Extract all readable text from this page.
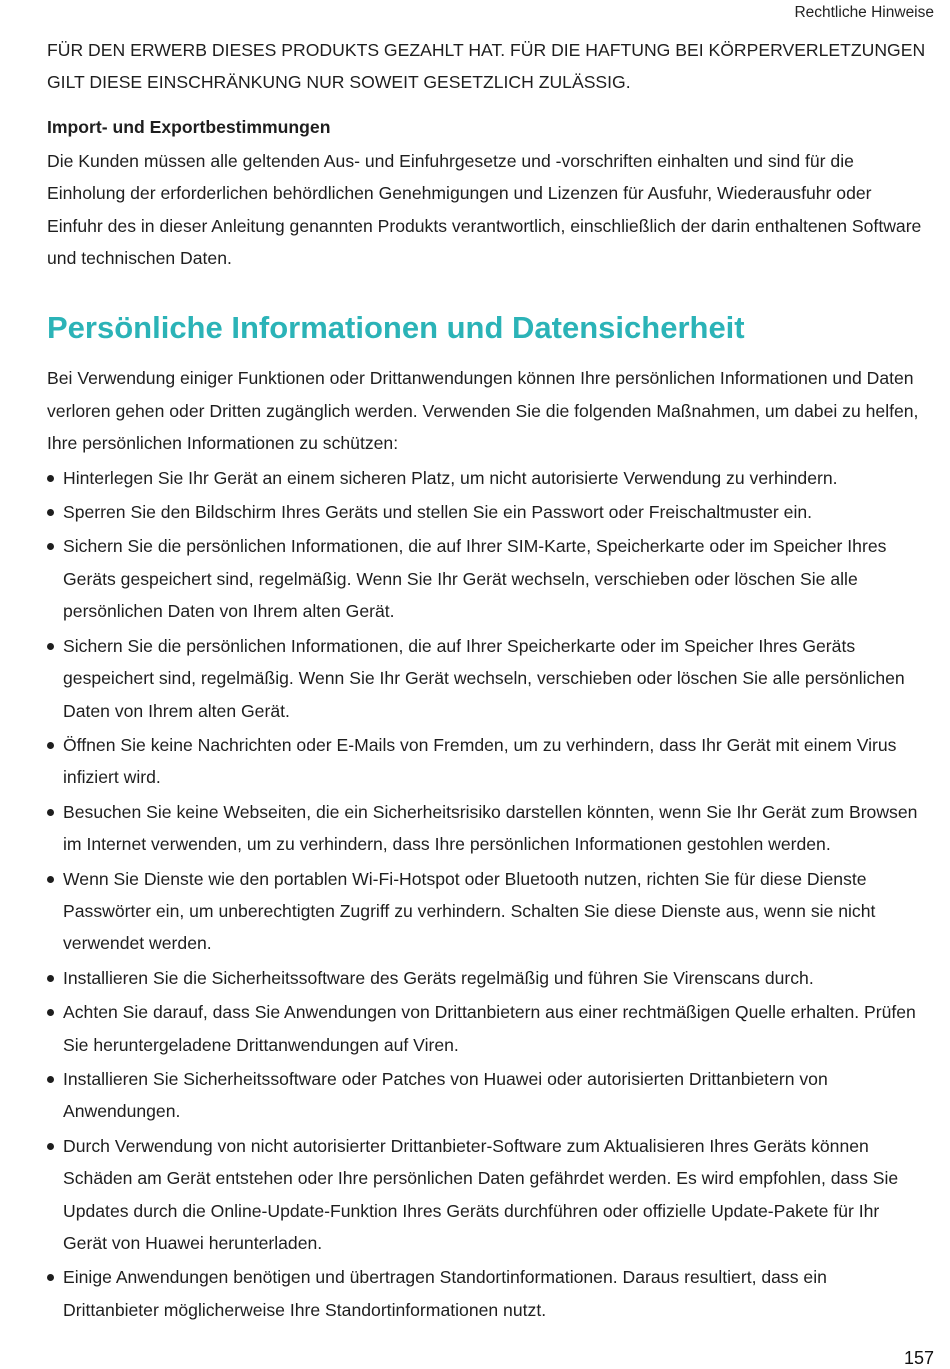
Rechtliche Hinweise

FÜR DEN ERWERB DIESES PRODUKTS GEZAHLT HAT. FÜR DIE HAFTUNG BEI KÖRPERVERLETZUNGEN GILT DIESE EINSCHRÄNKUNG NUR SOWEIT GESETZLICH ZULÄSSIG.

Import- und Exportbestimmungen

Die Kunden müssen alle geltenden Aus- und Einfuhrgesetze und -vorschriften einhalten und sind für die Einholung der erforderlichen behördlichen Genehmigungen und Lizenzen für Ausfuhr, Wiederausfuhr oder Einfuhr des in dieser Anleitung genannten Produkts verantwortlich, einschließlich der darin enthaltenen Software und technischen Daten.

Persönliche Informationen und Datensicherheit

Bei Verwendung einiger Funktionen oder Drittanwendungen können Ihre persönlichen Informationen und Daten verloren gehen oder Dritten zugänglich werden. Verwenden Sie die folgenden Maßnahmen, um dabei zu helfen, Ihre persönlichen Informationen zu schützen:

Hinterlegen Sie Ihr Gerät an einem sicheren Platz, um nicht autorisierte Verwendung zu verhindern.
Sperren Sie den Bildschirm Ihres Geräts und stellen Sie ein Passwort oder Freischaltmuster ein.
Sichern Sie die persönlichen Informationen, die auf Ihrer SIM-Karte, Speicherkarte oder im Speicher Ihres Geräts gespeichert sind, regelmäßig. Wenn Sie Ihr Gerät wechseln, verschieben oder löschen Sie alle persönlichen Daten von Ihrem alten Gerät.
Sichern Sie die persönlichen Informationen, die auf Ihrer Speicherkarte oder im Speicher Ihres Geräts gespeichert sind, regelmäßig. Wenn Sie Ihr Gerät wechseln, verschieben oder löschen Sie alle persönlichen Daten von Ihrem alten Gerät.
Öffnen Sie keine Nachrichten oder E-Mails von Fremden, um zu verhindern, dass Ihr Gerät mit einem Virus infiziert wird.
Besuchen Sie keine Webseiten, die ein Sicherheitsrisiko darstellen könnten, wenn Sie Ihr Gerät zum Browsen im Internet verwenden, um zu verhindern, dass Ihre persönlichen Informationen gestohlen werden.
Wenn Sie Dienste wie den portablen Wi-Fi-Hotspot oder Bluetooth nutzen, richten Sie für diese Dienste Passwörter ein, um unberechtigten Zugriff zu verhindern. Schalten Sie diese Dienste aus, wenn sie nicht verwendet werden.
Installieren Sie die Sicherheitssoftware des Geräts regelmäßig und führen Sie Virenscans durch.
Achten Sie darauf, dass Sie Anwendungen von Drittanbietern aus einer rechtmäßigen Quelle erhalten. Prüfen Sie heruntergeladene Drittanwendungen auf Viren.
Installieren Sie Sicherheitssoftware oder Patches von Huawei oder autorisierten Drittanbietern von Anwendungen.
Durch Verwendung von nicht autorisierter Drittanbieter-Software zum Aktualisieren Ihres Geräts können Schäden am Gerät entstehen oder Ihre persönlichen Daten gefährdet werden. Es wird empfohlen, dass Sie Updates durch die Online-Update-Funktion Ihres Geräts durchführen oder offizielle Update-Pakete für Ihr Gerät von Huawei herunterladen.
Einige Anwendungen benötigen und übertragen Standortinformationen. Daraus resultiert, dass ein Drittanbieter möglicherweise Ihre Standortinformationen nutzt.
157
